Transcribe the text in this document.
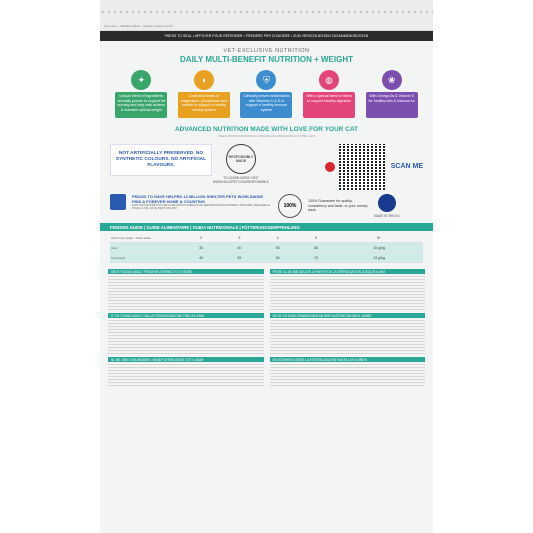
Tear Here – RESEALABLE – Reagle Product Finish
PRESS TO SEAL • APPUYER POUR REFERMER • PREMERE PER CHIUDERE • ZUM VERSCHLIESSEN ZUSAMMENDRÜCKEN
VET-EXCLUSIVE NUTRITION
DAILY MULTI-BENEFIT NUTRITION + WEIGHT
✦
Unique blend of ingredients clinically proven to support fat burning and help cats achieve & maintain optimal weight
◖
Controlled levels of magnesium, phosphorus and sodium to support a healthy urinary system
⛨
Clinically proven antioxidants with Vitamins C & E to support a healthy immune system
◍
With a special blend of fibres to support healthy digestion
❀
With Omega-6s & Vitamin E for healthy skin & lustrous fur
ADVANCED NUTRITION MADE WITH LOVE FOR YOUR CAT
UNE NUTRITION DE POINTE CONÇUE AVEC AMOUR POUR VOTRE CHAT
NOT ARTIFICIALLY PRESERVED. NO SYNTHETIC COLOURS. NO ARTIFICIAL FLAVOURS.
RESPONSIBLY MADE
TO LEARN MORE VISIT WWW.HILLSPET.COM/RESPONSIBLE
SCAN ME
PROUD TO HAVE HELPED 13 MILLION SHELTER PETS WORLDWIDE FIND A FOREVER HOME & COUNTING
FIER D'AVOIR AIDÉ PLUS DE 13 MILLIONS D'ANIMAUX DE REFUGE DANS LE MONDE A TROUVER UNE FAMILLE POUR LA VIE, ET CE N'EST PAS FINI	100%
100% Guarantee for quality, consistency and taste, or your money back.
MADE IN THE EU
FEEDING GUIDE | GUIDE ALIMENTAIRE | GUIDA NUTRIZIONALE | FÜTTERUNGSEMPFEHLUNG
Adult body weight - Poids adulte	2	3	4	5	5+
Ideal	30	40	55	65	10 g/kg
Overweight	40	55	65	75	13 g/kg
GB IE YOUNG ADULT FROM NEUTERING TO 6 YEARS	FR BE LU JEUNE ADULTE À PARTIR DE LA STÉRILISATION JUSQU'À 6 ANS
IT CH YOUNG ADULT DALLA STERILIZZAZIONE FINO A 6 ANNI	DE AT CH JUNG ERWACHSEN AB DER KASTRATION BIS 6 JAHRE
NL BE JONG VOLWASSEN, VANAF STERILISATIE TOT 6 JAAR	ES JÓVENES DESDE LA ESTERILIZACIÓN HASTA LOS 6 AÑOS
